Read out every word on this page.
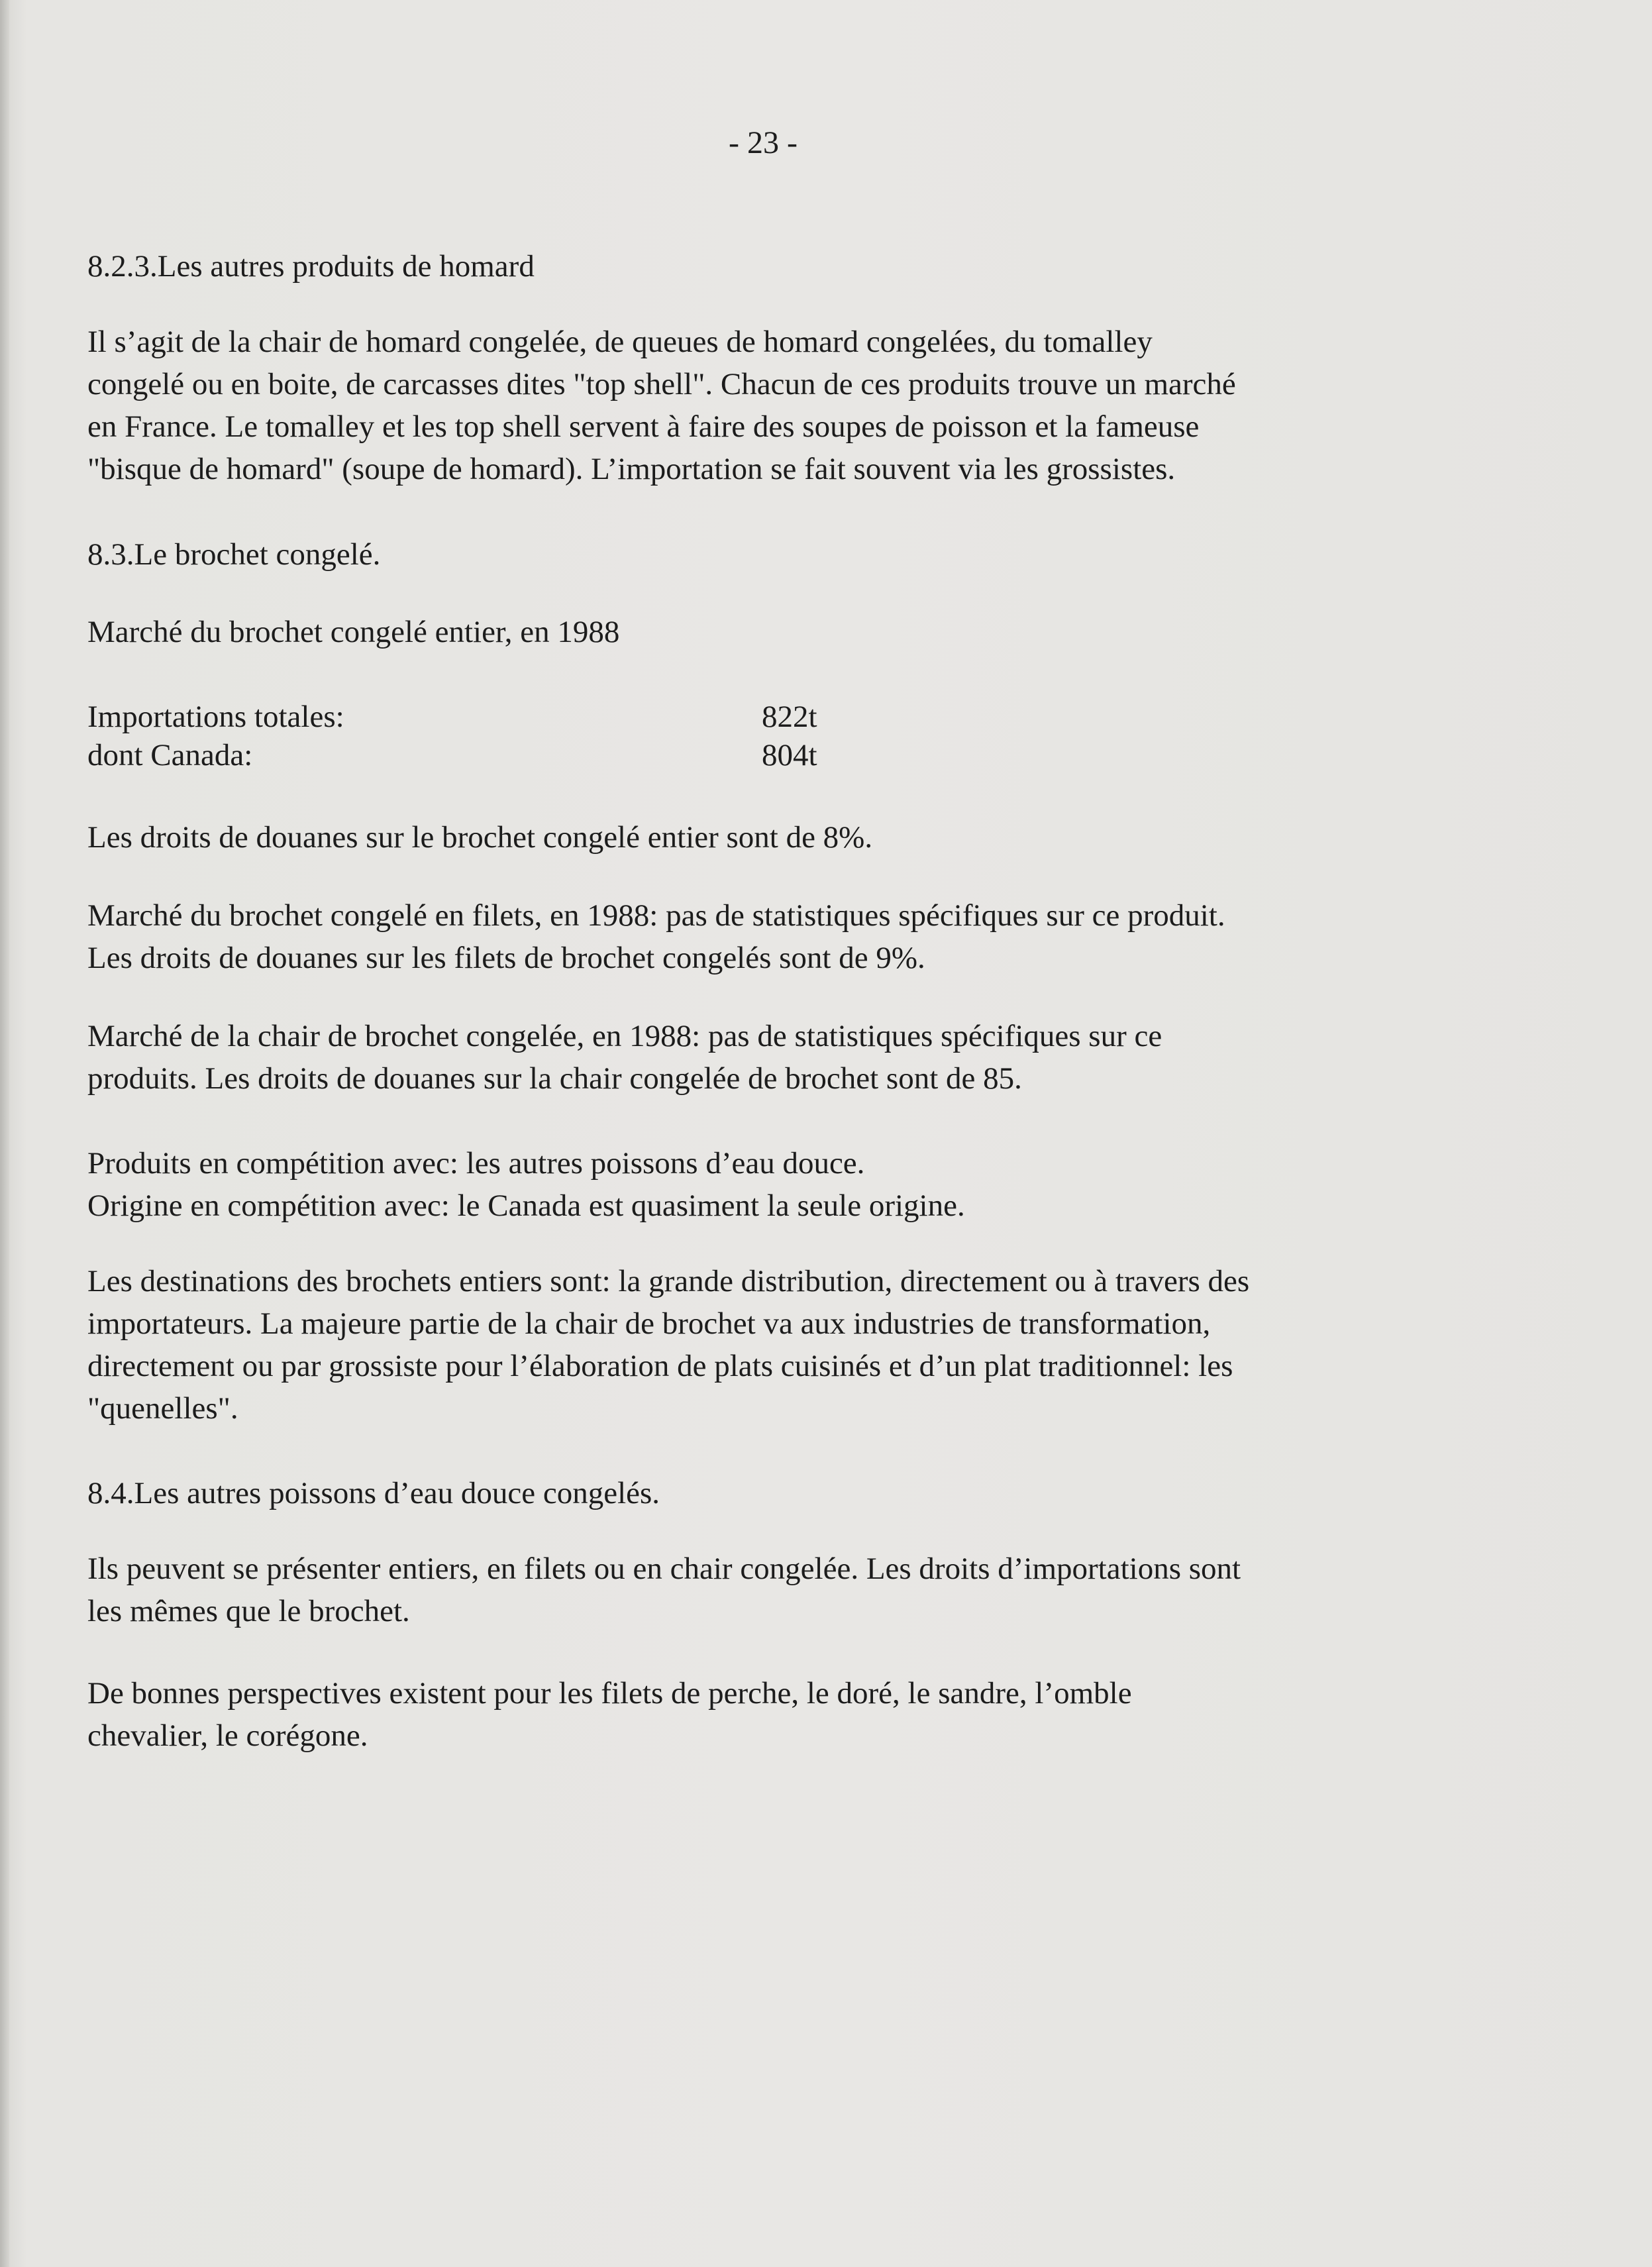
- 23 -
8.2.3.Les autres produits de homard

Il s’agit de la chair de homard congelée, de queues de homard congelées, du tomalley

congelé ou en boite, de carcasses dites "top shell". Chacun de ces produits trouve un marché

en France. Le tomalley et les top shell servent à faire des soupes de poisson et la fameuse

"bisque de homard" (soupe de homard). L’importation se fait souvent via les grossistes.

8.3.Le brochet congelé.
Marché du brochet congelé entier, en 1988
Importations totales:	822t
dont Canada:	804t
Les droits de douanes sur le brochet congelé entier sont de 8%.

Marché du brochet congelé en filets, en 1988: pas de statistiques spécifiques sur ce produit.

Les droits de douanes sur les filets de brochet congelés sont de 9%.

Marché de la chair de brochet congelée, en 1988: pas de statistiques spécifiques sur ce

produits. Les droits de douanes sur la chair congelée de brochet sont de 85.

Produits en compétition avec: les autres poissons d’eau douce.

Origine en compétition avec: le Canada est quasiment la seule origine.

Les destinations des brochets entiers sont: la grande distribution, directement ou à travers des

importateurs. La majeure partie de la chair de brochet va aux industries de transformation,

directement ou par grossiste pour l’élaboration de plats cuisinés et d’un plat traditionnel: les

"quenelles".

8.4.Les autres poissons d’eau douce congelés.

Ils peuvent se présenter entiers, en filets ou en chair congelée. Les droits d’importations sont

les mêmes que le brochet.

De bonnes perspectives existent pour les filets de perche, le doré, le sandre, l’omble

chevalier, le corégone.
